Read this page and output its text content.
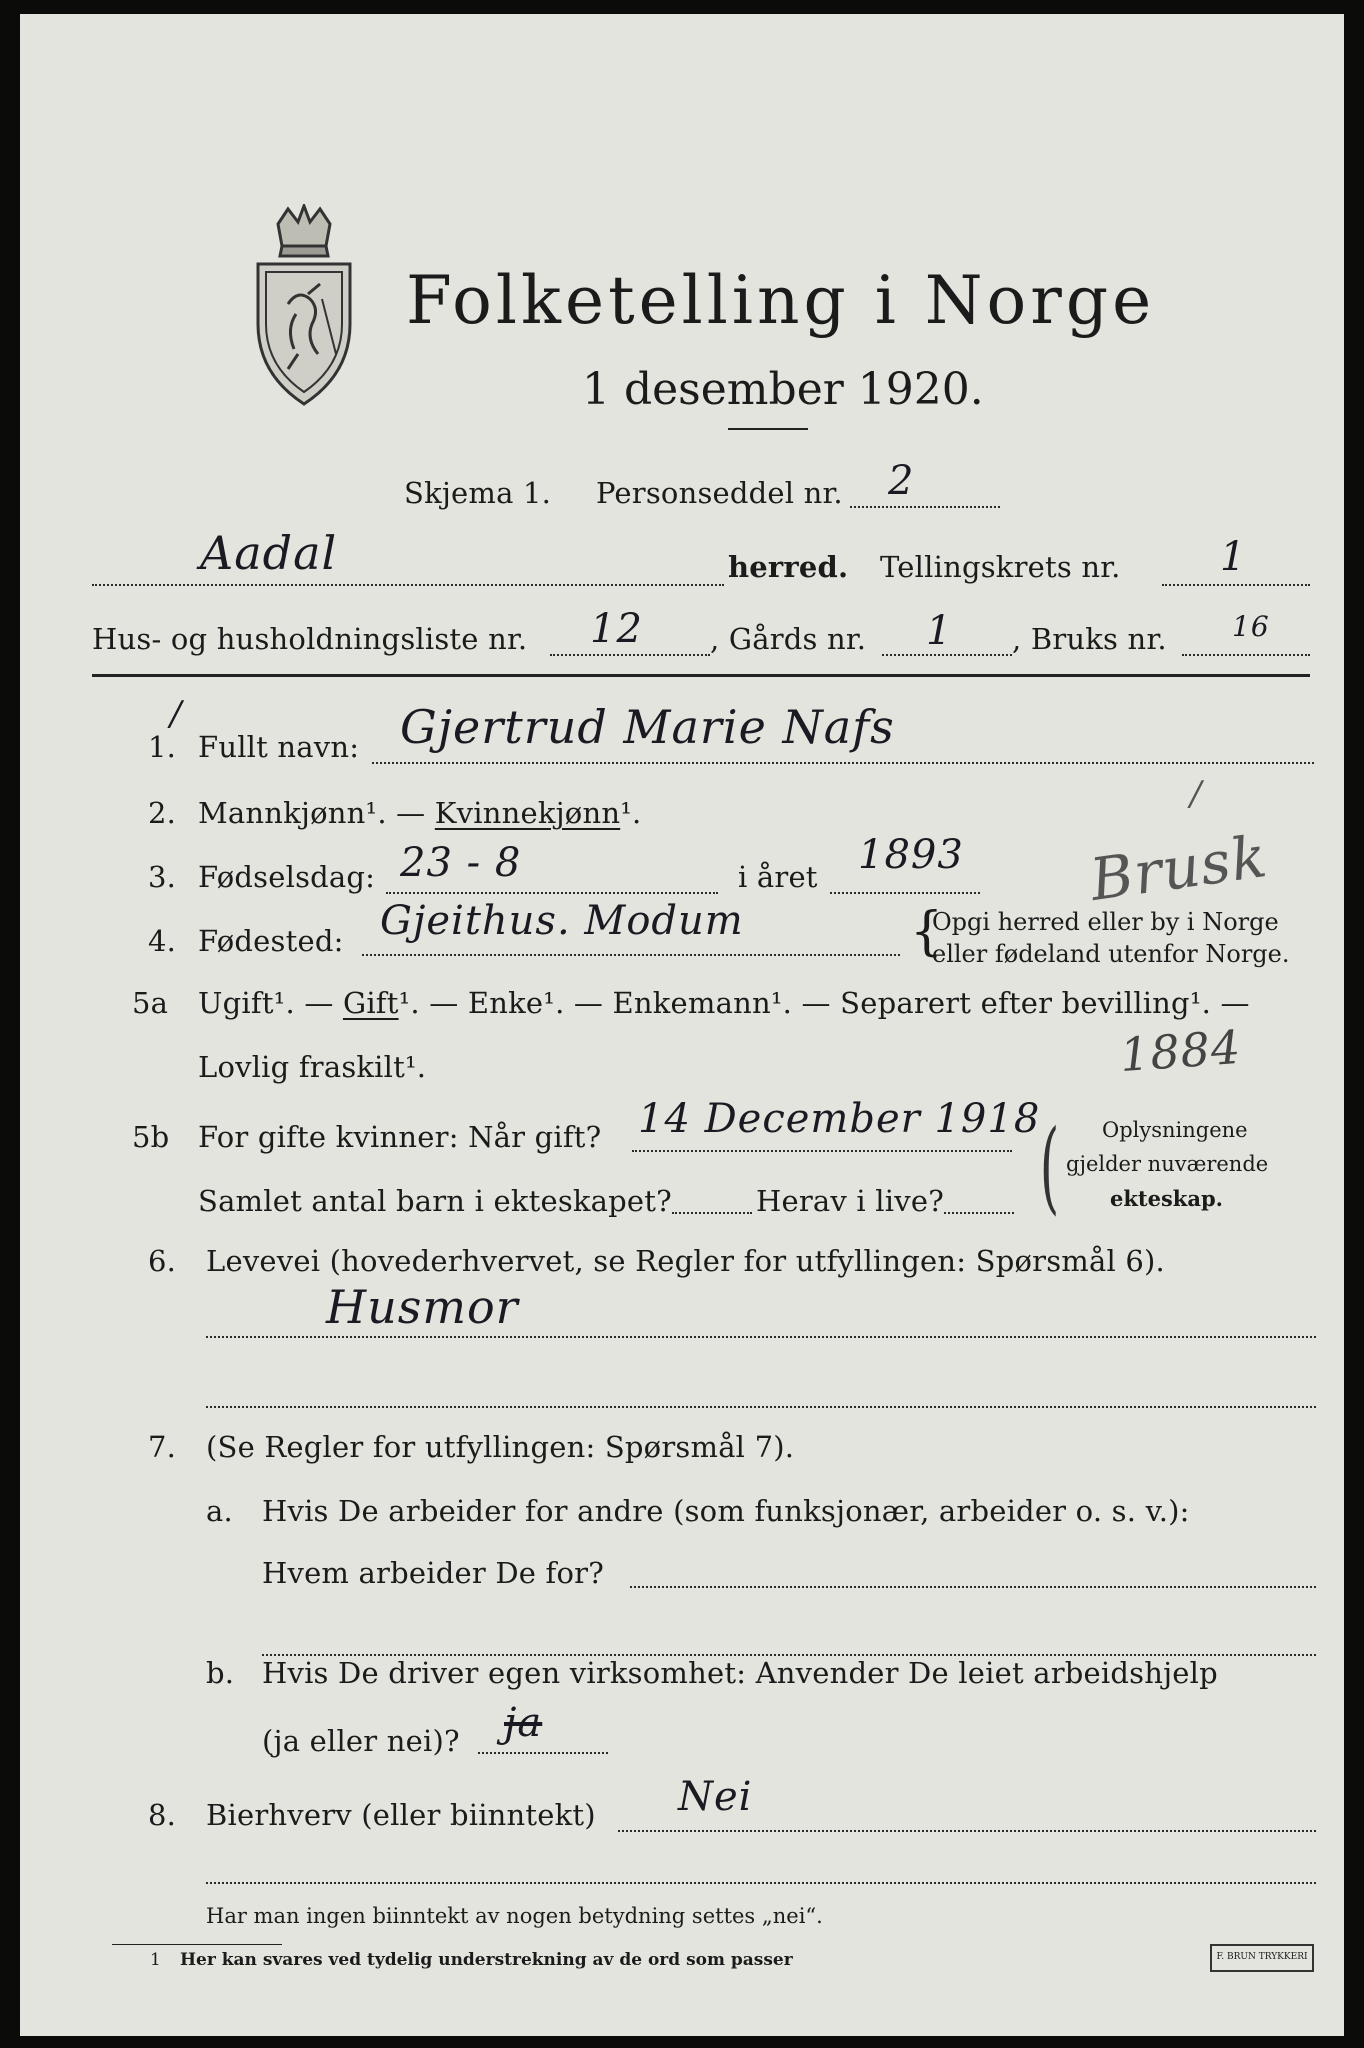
Folketelling i Norge
1 desember 1920.
Skjema 1. Personseddel nr. 2
Aadal	herred. Tellingskrets nr. 1
Hus- og husholdningsliste nr. 12 , Gårds nr. 1 , Bruks nr. 16
/
1. Fullt navn: Gjertrud Marie Nafs
2. Mannkjønn¹. — Kvinnekjønn¹.
Brusk
/
3. Fødselsdag: 23 - 8	i året 1893
4. Fødested: Gjeithus. Modum	{
Opgi herred eller by i Norge
eller fødeland utenfor Norge.
5a Ugift¹. — Gift¹. — Enke¹. — Enkemann¹. — Separert efter bevilling¹. —
Lovlig fraskilt¹.	1884
5b For gifte kvinner: Når gift? 14 December 1918
Samlet antal barn i ekteskapet?	Herav i live? ( Oplysningene
gjelder nuværende
ekteskap.
6. Levevei (hovederhvervet, se Regler for utfyllingen: Spørsmål 6).
Husmor
7. (Se Regler for utfyllingen: Spørsmål 7).
a. Hvis De arbeider for andre (som funksjonær, arbeider o. s. v.):
Hvem arbeider De for?
b. Hvis De driver egen virksomhet: Anvender De leiet arbeidshjelp
(ja eller nei)? ja
8. Bierhverv (eller biinntekt) Nei
Har man ingen biinntekt av nogen betydning settes „nei“.
1 Her kan svares ved tydelig understrekning av de ord som passer	F. BRUN TRYKKERI
